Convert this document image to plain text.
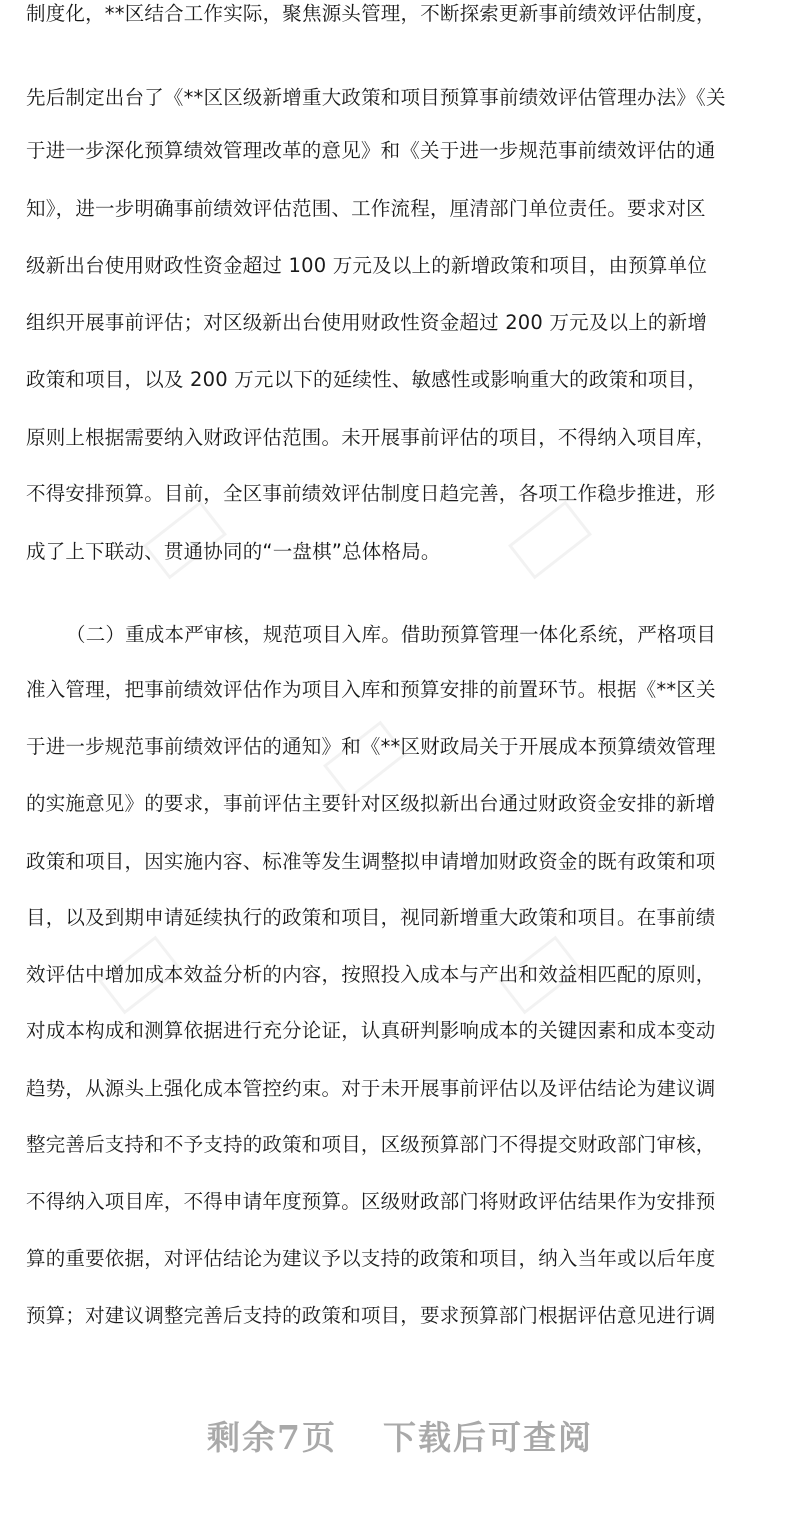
制度化，**区结合工作实际，聚焦源头管理，不断探索更新事前绩效评估制度，
先后制定出台了《**区区级新增重大政策和项目预算事前绩效评估管理办法》《关
于进一步深化预算绩效管理改革的意见》和《关于进一步规范事前绩效评估的通
知》，进一步明确事前绩效评估范围、工作流程，厘清部门单位责任。要求对区
级新出台使用财政性资金超过 100 万元及以上的新增政策和项目，由预算单位
组织开展事前评估；对区级新出台使用财政性资金超过 200 万元及以上的新增
政策和项目，以及 200 万元以下的延续性、敏感性或影响重大的政策和项目，
原则上根据需要纳入财政评估范围。未开展事前评估的项目，不得纳入项目库，
不得安排预算。目前，全区事前绩效评估制度日趋完善，各项工作稳步推进，形
成了上下联动、贯通协同的“一盘棋”总体格局。
（二）重成本严审核，规范项目入库。借助预算管理一体化系统，严格项目
准入管理，把事前绩效评估作为项目入库和预算安排的前置环节。根据《**区关
于进一步规范事前绩效评估的通知》和《**区财政局关于开展成本预算绩效管理
的实施意见》的要求，事前评估主要针对区级拟新出台通过财政资金安排的新增
政策和项目，因实施内容、标准等发生调整拟申请增加财政资金的既有政策和项
目，以及到期申请延续执行的政策和项目，视同新增重大政策和项目。在事前绩
效评估中增加成本效益分析的内容，按照投入成本与产出和效益相匹配的原则，
对成本构成和测算依据进行充分论证，认真研判影响成本的关键因素和成本变动
趋势，从源头上强化成本管控约束。对于未开展事前评估以及评估结论为建议调
整完善后支持和不予支持的政策和项目，区级预算部门不得提交财政部门审核，
不得纳入项目库，不得申请年度预算。区级财政部门将财政评估结果作为安排预
算的重要依据，对评估结论为建议予以支持的政策和项目，纳入当年或以后年度
预算；对建议调整完善后支持的政策和项目，要求预算部门根据评估意见进行调
剩余7页 下载后可查阅
